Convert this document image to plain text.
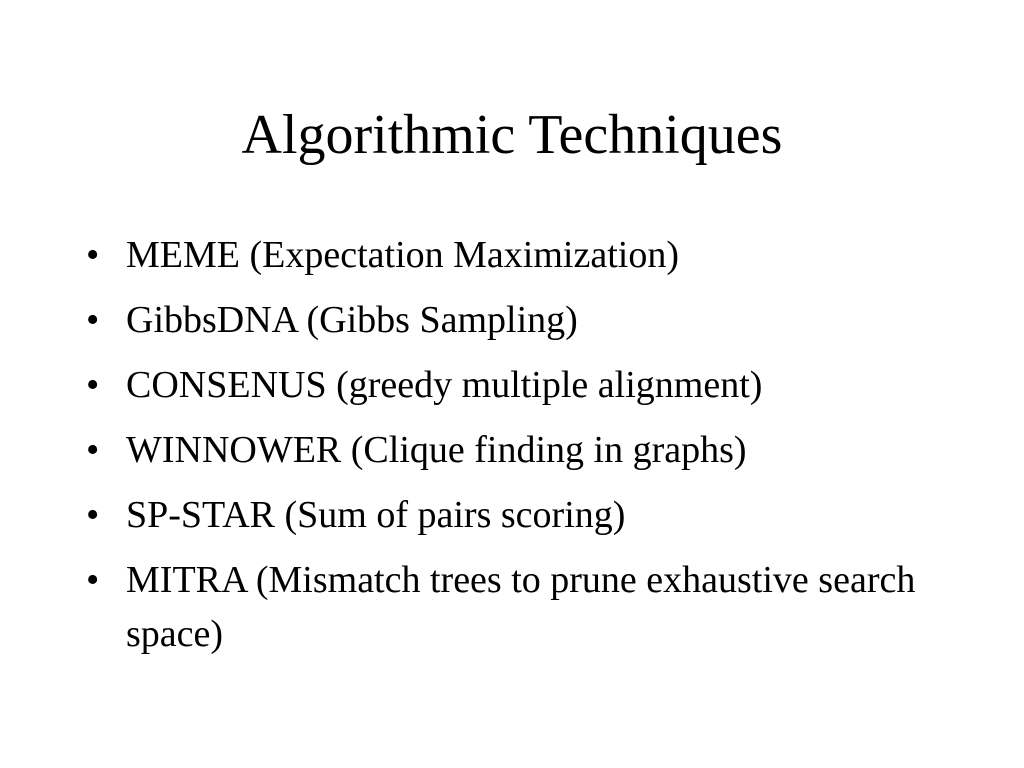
Algorithmic Techniques
• MEME (Expectation Maximization)
• GibbsDNA (Gibbs Sampling)
• CONSENUS (greedy multiple alignment)
• WINNOWER (Clique finding in graphs)
• SP-STAR (Sum of pairs scoring)
• MITRA (Mismatch trees to prune exhaustive search space)
